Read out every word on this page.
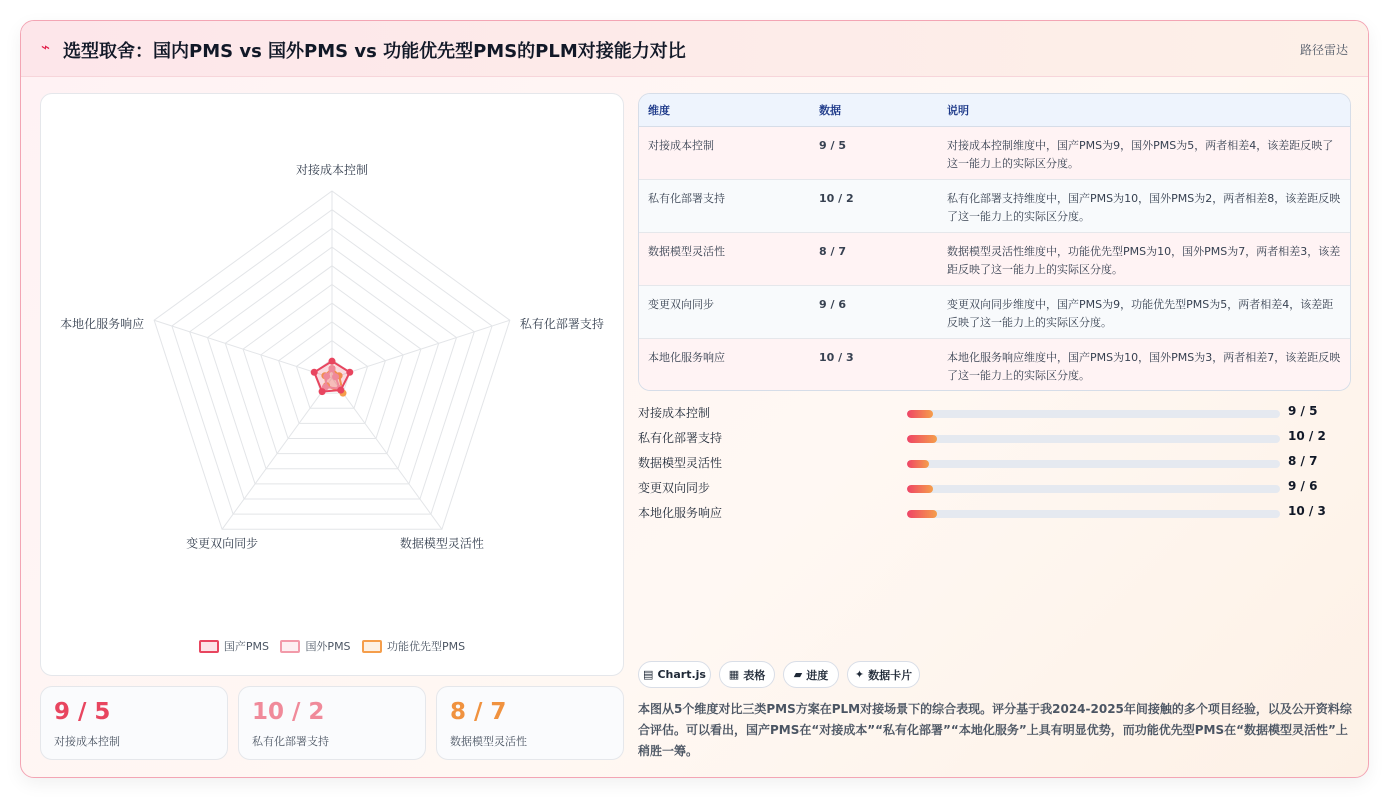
⌁ 选型取舍：国内PMS vs 国外PMS vs 功能优先型PMS的PLM对接能力对比	路径雷达
对接成本控制
私有化部署支持
数据模型灵活性
变更双向同步
本地化服务响应
国产PMS
	国外PMS
	功能优先型PMS
9 / 5
对接成本控制
10 / 2
私有化部署支持
8 / 7
数据模型灵活性
维度	数据	说明
对接成本控制	9 / 5	对接成本控制维度中，国产PMS为9，国外PMS为5，两者相差4，该差距反映了这一能力上的实际区分度。
私有化部署支持	10 / 2	私有化部署支持维度中，国产PMS为10，国外PMS为2，两者相差8，该差距反映了这一能力上的实际区分度。
数据模型灵活性	8 / 7	数据模型灵活性维度中，功能优先型PMS为10，国外PMS为7，两者相差3，该差距反映了这一能力上的实际区分度。
变更双向同步	9 / 6	变更双向同步维度中，国产PMS为9，功能优先型PMS为5，两者相差4，该差距反映了这一能力上的实际区分度。
本地化服务响应	10 / 3	本地化服务响应维度中，国产PMS为10，国外PMS为3，两者相差7，该差距反映了这一能力上的实际区分度。
对接成本控制	9 / 5
私有化部署支持	10 / 2
数据模型灵活性	8 / 7
变更双向同步	9 / 6
本地化服务响应	10 / 3
▤ Chart.js ▦ 表格	▰ 进度 ✦ 数据卡片
本图从5个维度对比三类PMS方案在PLM对接场景下的综合表现。评分基于我2024-2025年间接触的多个项目经验，以及公开资料综合评估。可以看出，国产PMS在“对接成本”“私有化部署”“本地化服务”上具有明显优势，而功能优先型PMS在“数据模型灵活性”上稍胜一筹。
